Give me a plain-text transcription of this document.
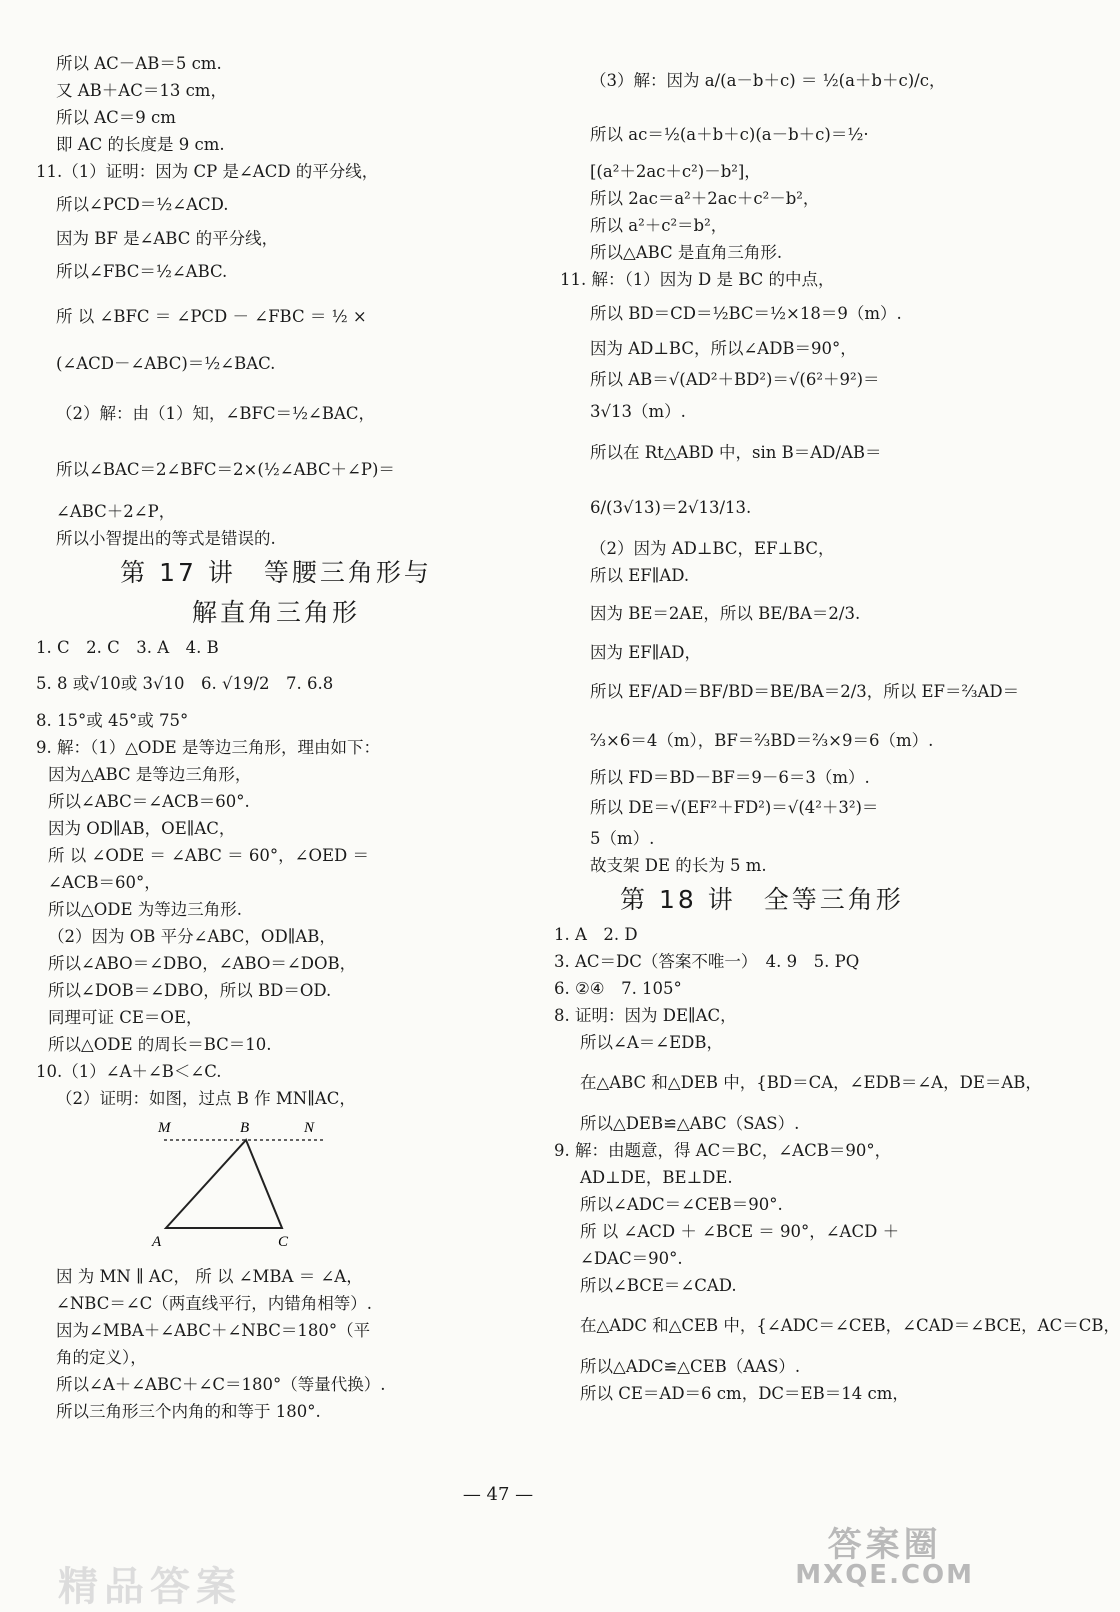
所以 AC－AB＝5 cm.
又 AB＋AC＝13 cm，
所以 AC＝9 cm
即 AC 的长度是 9 cm.
11.（1）证明：因为 CP 是∠ACD 的平分线，
所以∠PCD＝½∠ACD.
因为 BF 是∠ABC 的平分线，
所以∠FBC＝½∠ABC.
所 以 ∠BFC ＝ ∠PCD － ∠FBC ＝ ½ ×
(∠ACD－∠ABC)＝½∠BAC.
（2）解：由（1）知，∠BFC＝½∠BAC，
所以∠BAC＝2∠BFC＝2×(½∠ABC＋∠P)＝
∠ABC＋2∠P，
所以小智提出的等式是错误的.
第 17 讲　等腰三角形与
解直角三角形
1. C　2. C　3. A　4. B
5. 8 或√10或 3√10　6. √19/2　7. 6.8
8. 15°或 45°或 75°
9. 解：（1）△ODE 是等边三角形，理由如下：
因为△ABC 是等边三角形，
所以∠ABC＝∠ACB＝60°.
因为 OD∥AB，OE∥AC，
所 以 ∠ODE ＝ ∠ABC ＝ 60°，∠OED ＝
∠ACB＝60°，
所以△ODE 为等边三角形.
（2）因为 OB 平分∠ABC，OD∥AB，
所以∠ABO＝∠DBO，∠ABO＝∠DOB，
所以∠DOB＝∠DBO，所以 BD＝OD.
同理可证 CE＝OE，
所以△ODE 的周长＝BC＝10.
10.（1）∠A＋∠B＜∠C.
（2）证明：如图，过点 B 作 MN∥AC，
M	B	N
A	C
因 为 MN ∥ AC， 所 以 ∠MBA ＝ ∠A，
∠NBC＝∠C（两直线平行，内错角相等）.
因为∠MBA＋∠ABC＋∠NBC＝180°（平
角的定义），
所以∠A＋∠ABC＋∠C＝180°（等量代换）.
所以三角形三个内角的和等于 180°.
（3）解：因为 a/(a－b＋c) ＝ ½(a＋b＋c)/c，
所以 ac＝½(a＋b＋c)(a－b＋c)＝½·
[(a²＋2ac＋c²)－b²]，
所以 2ac＝a²＋2ac＋c²－b²，
所以 a²＋c²＝b²，
所以△ABC 是直角三角形.
11. 解：（1）因为 D 是 BC 的中点，
所以 BD＝CD＝½BC＝½×18＝9（m）.
因为 AD⊥BC，所以∠ADB＝90°，
所以 AB＝√(AD²＋BD²)＝√(6²＋9²)＝
3√13（m）.
所以在 Rt△ABD 中，sin B＝AD/AB＝
6/(3√13)＝2√13/13.
（2）因为 AD⊥BC，EF⊥BC，
所以 EF∥AD.
因为 BE＝2AE，所以 BE/BA＝2/3.
因为 EF∥AD，
所以 EF/AD＝BF/BD＝BE/BA＝2/3，所以 EF＝⅔AD＝
⅔×6＝4（m），BF＝⅔BD＝⅔×9＝6（m）.
所以 FD＝BD－BF＝9－6＝3（m）.
所以 DE＝√(EF²＋FD²)＝√(4²＋3²)＝
5（m）.
故支架 DE 的长为 5 m.
第 18 讲　全等三角形
1. A　2. D
3. AC＝DC（答案不唯一）　4. 9　5. PQ
6. ②④　7. 105°
8. 证明：因为 DE∥AC，
所以∠A＝∠EDB，
在△ABC 和△DEB 中，{BD＝CA，∠EDB＝∠A，DE＝AB，
所以△DEB≌△ABC（SAS）.
9. 解：由题意，得 AC＝BC，∠ACB＝90°，
AD⊥DE，BE⊥DE.
所以∠ADC＝∠CEB＝90°.
所 以 ∠ACD ＋ ∠BCE ＝ 90°，∠ACD ＋
∠DAC＝90°.
所以∠BCE＝∠CAD.
在△ADC 和△CEB 中，{∠ADC＝∠CEB，∠CAD＝∠BCE，AC＝CB，
所以△ADC≌△CEB（AAS）.
所以 CE＝AD＝6 cm，DC＝EB＝14 cm，
— 47 —
精品答案
答案圈
MXQE.COM
